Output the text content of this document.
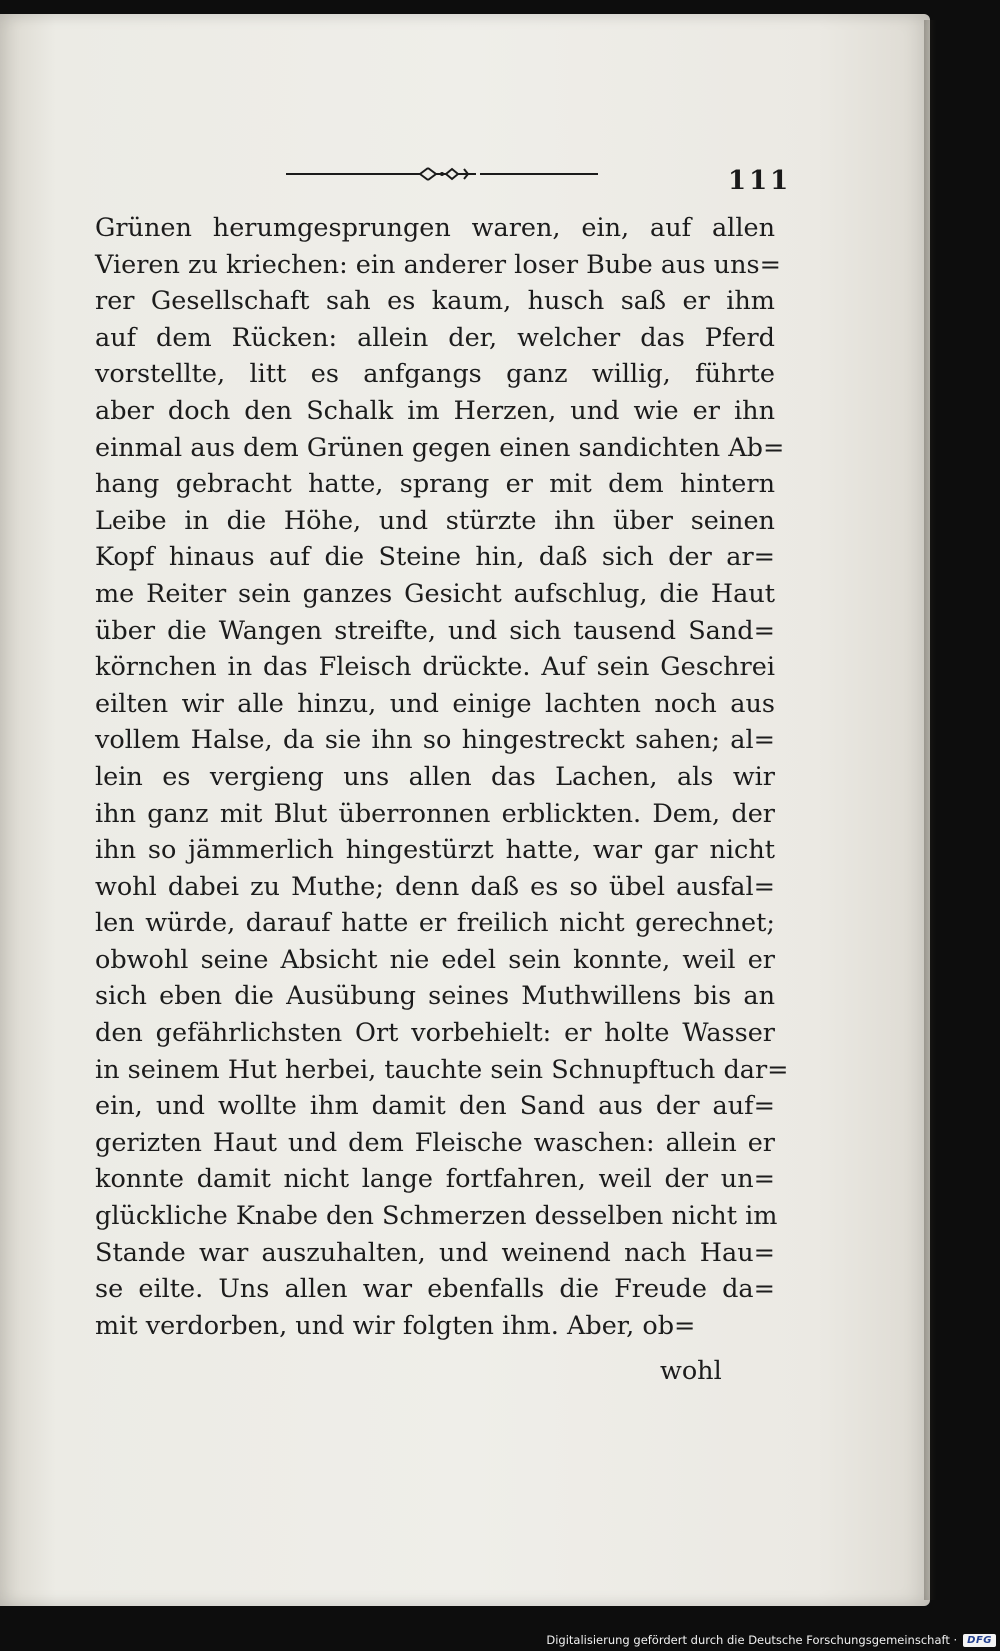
111
Grünen herumgesprungen waren, ein, auf allen
Vieren zu kriechen: ein anderer loser Bube aus uns=
rer Gesellschaft sah es kaum, husch saß er ihm
auf dem Rücken: allein der, welcher das Pferd
vorstellte, litt es anfgangs ganz willig, führte
aber doch den Schalk im Herzen, und wie er ihn
einmal aus dem Grünen gegen einen sandichten Ab=
hang gebracht hatte, sprang er mit dem hintern
Leibe in die Höhe, und stürzte ihn über seinen
Kopf hinaus auf die Steine hin, daß sich der ar=
me Reiter sein ganzes Gesicht aufschlug, die Haut
über die Wangen streifte, und sich tausend Sand=
körnchen in das Fleisch drückte. Auf sein Geschrei
eilten wir alle hinzu, und einige lachten noch aus
vollem Halse, da sie ihn so hingestreckt sahen; al=
lein es vergieng uns allen das Lachen, als wir
ihn ganz mit Blut überronnen erblickten. Dem, der
ihn so jämmerlich hingestürzt hatte, war gar nicht
wohl dabei zu Muthe; denn daß es so übel ausfal=
len würde, darauf hatte er freilich nicht gerechnet;
obwohl seine Absicht nie edel sein konnte, weil er
sich eben die Ausübung seines Muthwillens bis an
den gefährlichsten Ort vorbehielt: er holte Wasser
in seinem Hut herbei, tauchte sein Schnupftuch dar=
ein, und wollte ihm damit den Sand aus der auf=
gerizten Haut und dem Fleische waschen: allein er
konnte damit nicht lange fortfahren, weil der un=
glückliche Knabe den Schmerzen desselben nicht im
Stande war auszuhalten, und weinend nach Hau=
se eilte. Uns allen war ebenfalls die Freude da=
mit verdorben, und wir folgten ihm. Aber, ob=
wohl
Digitalisierung gefördert durch die Deutsche Forschungsgemeinschaft ·	DFG
